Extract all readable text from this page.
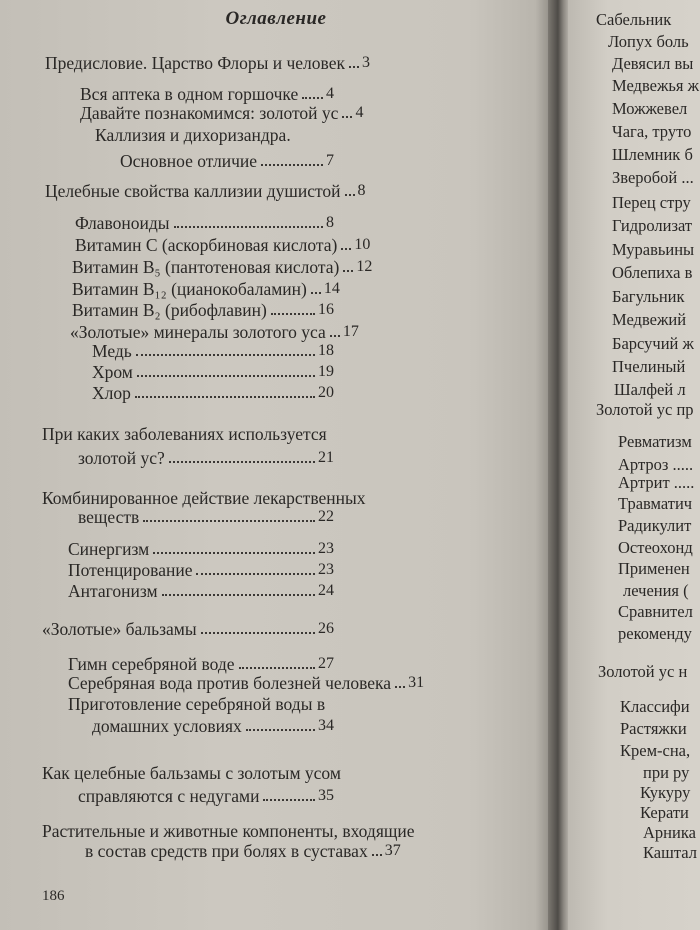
Оглавление
Предисловие. Царство Флоры и человек 3
Вся аптека в одном горшочке 4
Давайте познакомимся: золотой ус 4
Каллизия и дихоризандра.
Основное отличие	7
Целебные свойства каллизии душистой 8
Флавоноиды	8
Витамин С (аскорбиновая кислота) 10
Витамин B₅ (пантотеновая кислота) 12
Витамин B₁₂ (цианокобаламин) 14
Витамин B₂ (рибофлавин)	16
«Золотые» минералы золотого уса 17
Медь	18
Хром	19
Хлор	20
При каких заболеваниях используется
золотой ус?	21
Комбинированное действие лекарственных
веществ	22
Синергизм	23
Потенцирование	23
Антагонизм	24
«Золотые» бальзамы	26
Гимн серебряной воде	27
Серебряная вода против болезней человека 31
Приготовление серебряной воды в
домашних условиях	34
Как целебные бальзамы с золотым усом
справляются с недугами	35
Растительные и животные компоненты, входящие
в состав средств при болях в суставах 37
186
Сабельник
Лопух боль
Девясил вы
Медвежья ж
Можжевел
Чага, труто
Шлемник б
Зверобой ...
Перец стру
Гидролизат
Муравьины
Облепиха в
Багульник
Медвежий
Барсучий ж
Пчелиный
Шалфей л
Золотой ус пр
Ревматизм
Артроз .....
Артрит .....
Травматич
Радикулит
Остеохонд
Применен
лечения (
Сравнител
рекоменду
Золотой ус н
Классифи
Растяжки
Крем-сна,
при ру
Кукуру
Керати
Арника
Каштал
